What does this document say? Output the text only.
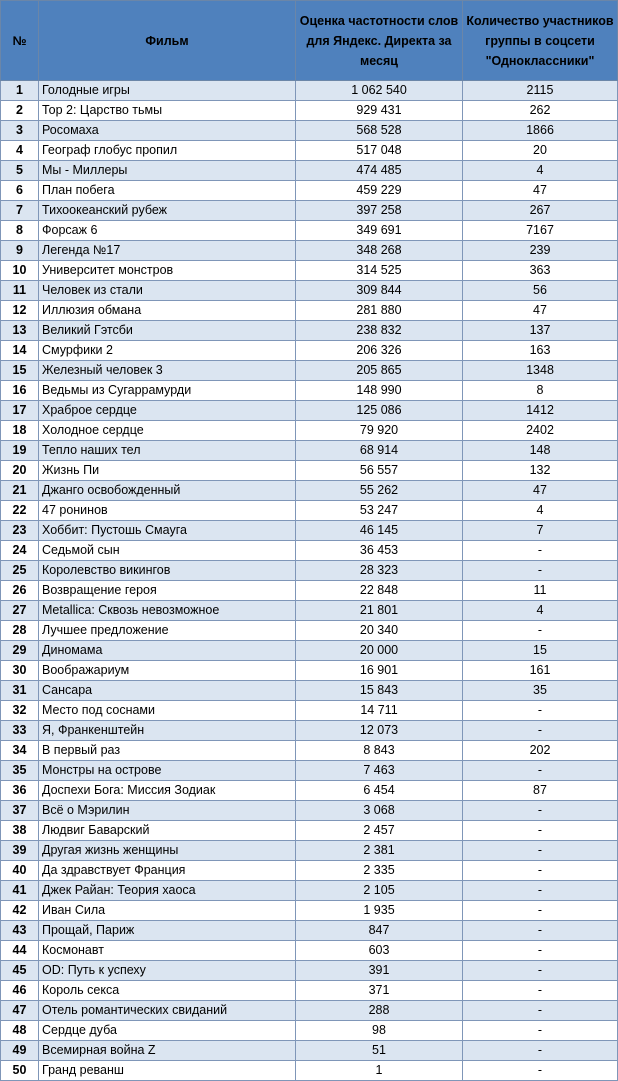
№	Фильм	Оценка частотности слов для Яндекс. Директа за месяц	Количество участников группы в соцсети "Одноклассники"
1	Голодные игры	1 062 540	2115
2	Тор 2: Царство тьмы	929 431	262
3	Росомаха	568 528	1866
4	Географ глобус пропил	517 048	20
5	Мы - Миллеры	474 485	4
6	План побега	459 229	47
7	Тихоокеанский рубеж	397 258	267
8	Форсаж 6	349 691	7167
9	Легенда №17	348 268	239
10	Университет монстров	314 525	363
11	Человек из стали	309 844	56
12	Иллюзия обмана	281 880	47
13	Великий Гэтсби	238 832	137
14	Смурфики 2	206 326	163
15	Железный человек 3	205 865	1348
16	Ведьмы из Сугаррамурди	148 990	8
17	Храброе сердце	125 086	1412
18	Холодное сердце	79 920	2402
19	Тепло наших тел	68 914	148
20	Жизнь Пи	56 557	132
21	Джанго освобожденный	55 262	47
22	47 ронинов	53 247	4
23	Хоббит: Пустошь Смауга	46 145	7
24	Седьмой сын	36 453	-
25	Королевство викингов	28 323	-
26	Возвращение героя	22 848	11
27	Metallica: Сквозь невозможное	21 801	4
28	Лучшее предложение	20 340	-
29	Диномама	20 000	15
30	Воображариум	16 901	161
31	Сансара	15 843	35
32	Место под соснами	14 711	-
33	Я, Франкенштейн	12 073	-
34	В первый раз	8 843	202
35	Монстры на острове	7 463	-
36	Доспехи Бога: Миссия Зодиак	6 454	87
37	Всё о Мэрилин	3 068	-
38	Людвиг Баварский	2 457	-
39	Другая жизнь женщины	2 381	-
40	Да здравствует Франция	2 335	-
41	Джек Райан: Теория хаоса	2 105	-
42	Иван Сила	1 935	-
43	Прощай, Париж	847	-
44	Космонавт	603	-
45	OD: Путь к успеху	391	-
46	Король секса	371	-
47	Отель романтических свиданий	288	-
48	Сердце дуба	98	-
49	Всемирная война Z	51	-
50	Гранд реванш	1	-
